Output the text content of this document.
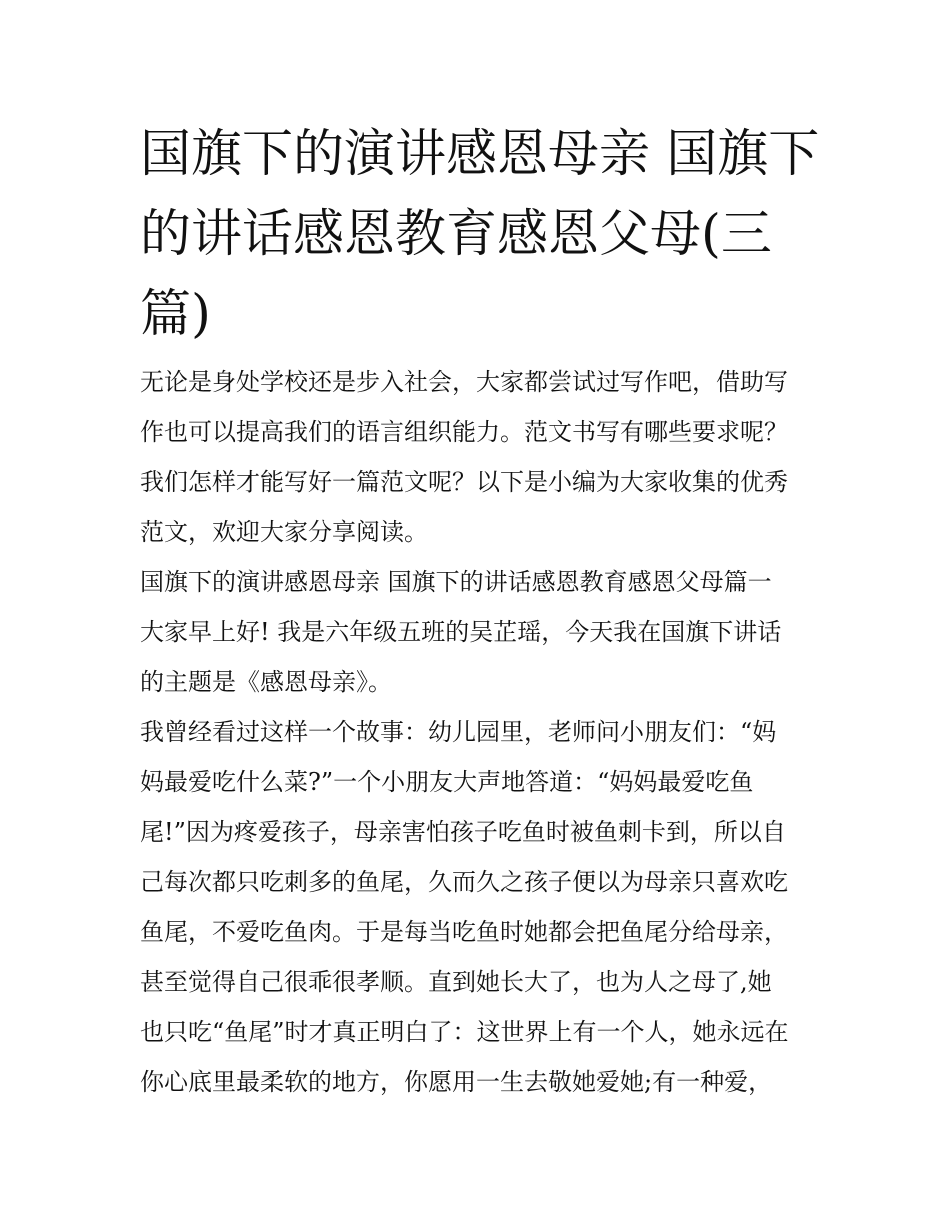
国旗下的演讲感恩母亲 国旗下
的讲话感恩教育感恩父母(三
篇)
无论是身处学校还是步入社会，大家都尝试过写作吧，借助写
作也可以提高我们的语言组织能力。范文书写有哪些要求呢？
我们怎样才能写好一篇范文呢？以下是小编为大家收集的优秀
范文，欢迎大家分享阅读。
国旗下的演讲感恩母亲 国旗下的讲话感恩教育感恩父母篇一
大家早上好! 我是六年级五班的吴芷瑶，今天我在国旗下讲话
的主题是《感恩母亲》。
我曾经看过这样一个故事：幼儿园里，老师问小朋友们：“妈
妈最爱吃什么菜?”一个小朋友大声地答道：“妈妈最爱吃鱼
尾!”因为疼爱孩子，母亲害怕孩子吃鱼时被鱼刺卡到，所以自
己每次都只吃刺多的鱼尾，久而久之孩子便以为母亲只喜欢吃
鱼尾，不爱吃鱼肉。于是每当吃鱼时她都会把鱼尾分给母亲，
甚至觉得自己很乖很孝顺。直到她长大了，也为人之母了,她
也只吃“鱼尾”时才真正明白了：这世界上有一个人，她永远在
你心底里最柔软的地方，你愿用一生去敬她爱她;有一种爱，
